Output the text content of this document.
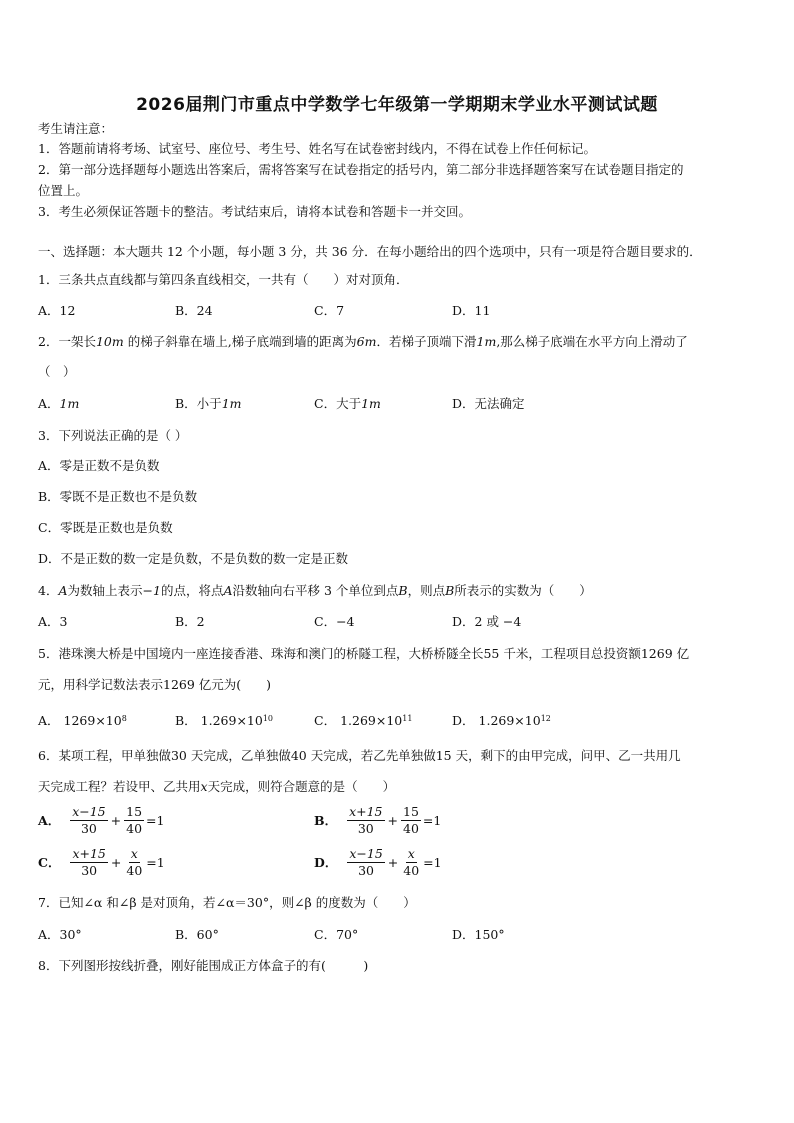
2026届荆门市重点中学数学七年级第一学期期末学业水平测试试题
考生请注意：
1．答题前请将考场、试室号、座位号、考生号、姓名写在试卷密封线内，不得在试卷上作任何标记。
2．第一部分选择题每小题选出答案后，需将答案写在试卷指定的括号内，第二部分非选择题答案写在试卷题目指定的
位置上。
3．考生必须保证答题卡的整洁。考试结束后，请将本试卷和答题卡一并交回。
一、选择题：本大题共 12 个小题，每小题 3 分，共 36 分．在每小题给出的四个选项中，只有一项是符合题目要求的．
1．三条共点直线都与第四条直线相交，一共有（　　）对对顶角．
A．12	B．24	C．7	D．11
2．一架长10m 的梯子斜靠在墙上,梯子底端到墙的距离为6m．若梯子顶端下滑1m,那么梯子底端在水平方向上滑动了
（　）
A．1m	B．小于1m	C．大于1m	D．无法确定
3．下列说法正确的是（ ）
A．零是正数不是负数
B．零既不是正数也不是负数
C．零既是正数也是负数
D．不是正数的数一定是负数，不是负数的数一定是正数
4．A为数轴上表示−1的点，将点A沿数轴向右平移 3 个单位到点B，则点B所表示的实数为（　　）
A．3	B．2	C．−4	D．2 或 −4
5．港珠澳大桥是中国境内一座连接香港、珠海和澳门的桥隧工程，大桥桥隧全长55 千米，工程项目总投资额1269 亿
元，用科学记数法表示1269 亿元为(　　)
A． $1269\times 10^8$	B． $1.269\times 10^{10}$	C． $1.269\times 10^{11}$	D． $1.269\times 10^{12}$
6．某项工程，甲单独做30 天完成，乙单独做40 天完成，若乙先单独做15 天，剩下的由甲完成，问甲、乙一共用几
天完成工程？若设甲、乙共用x天完成，则符合题意的是（　　）
A． $\frac{x-15}{30} + \frac{15}{40} =1$	B． $\frac{x+15}{30} + \frac{15}{40} =1$
C． $\frac{x+15}{30} + \frac{x}{40} =1$	D． $\frac{x-15}{30} + \frac{x}{40} =1$
7．已知∠α 和∠β 是对顶角，若∠α＝30°，则∠β 的度数为（　　）
A．30°	B．60°	C．70°	D．150°
8．下列图形按线折叠，刚好能围成正方体盒子的有(　　　)
